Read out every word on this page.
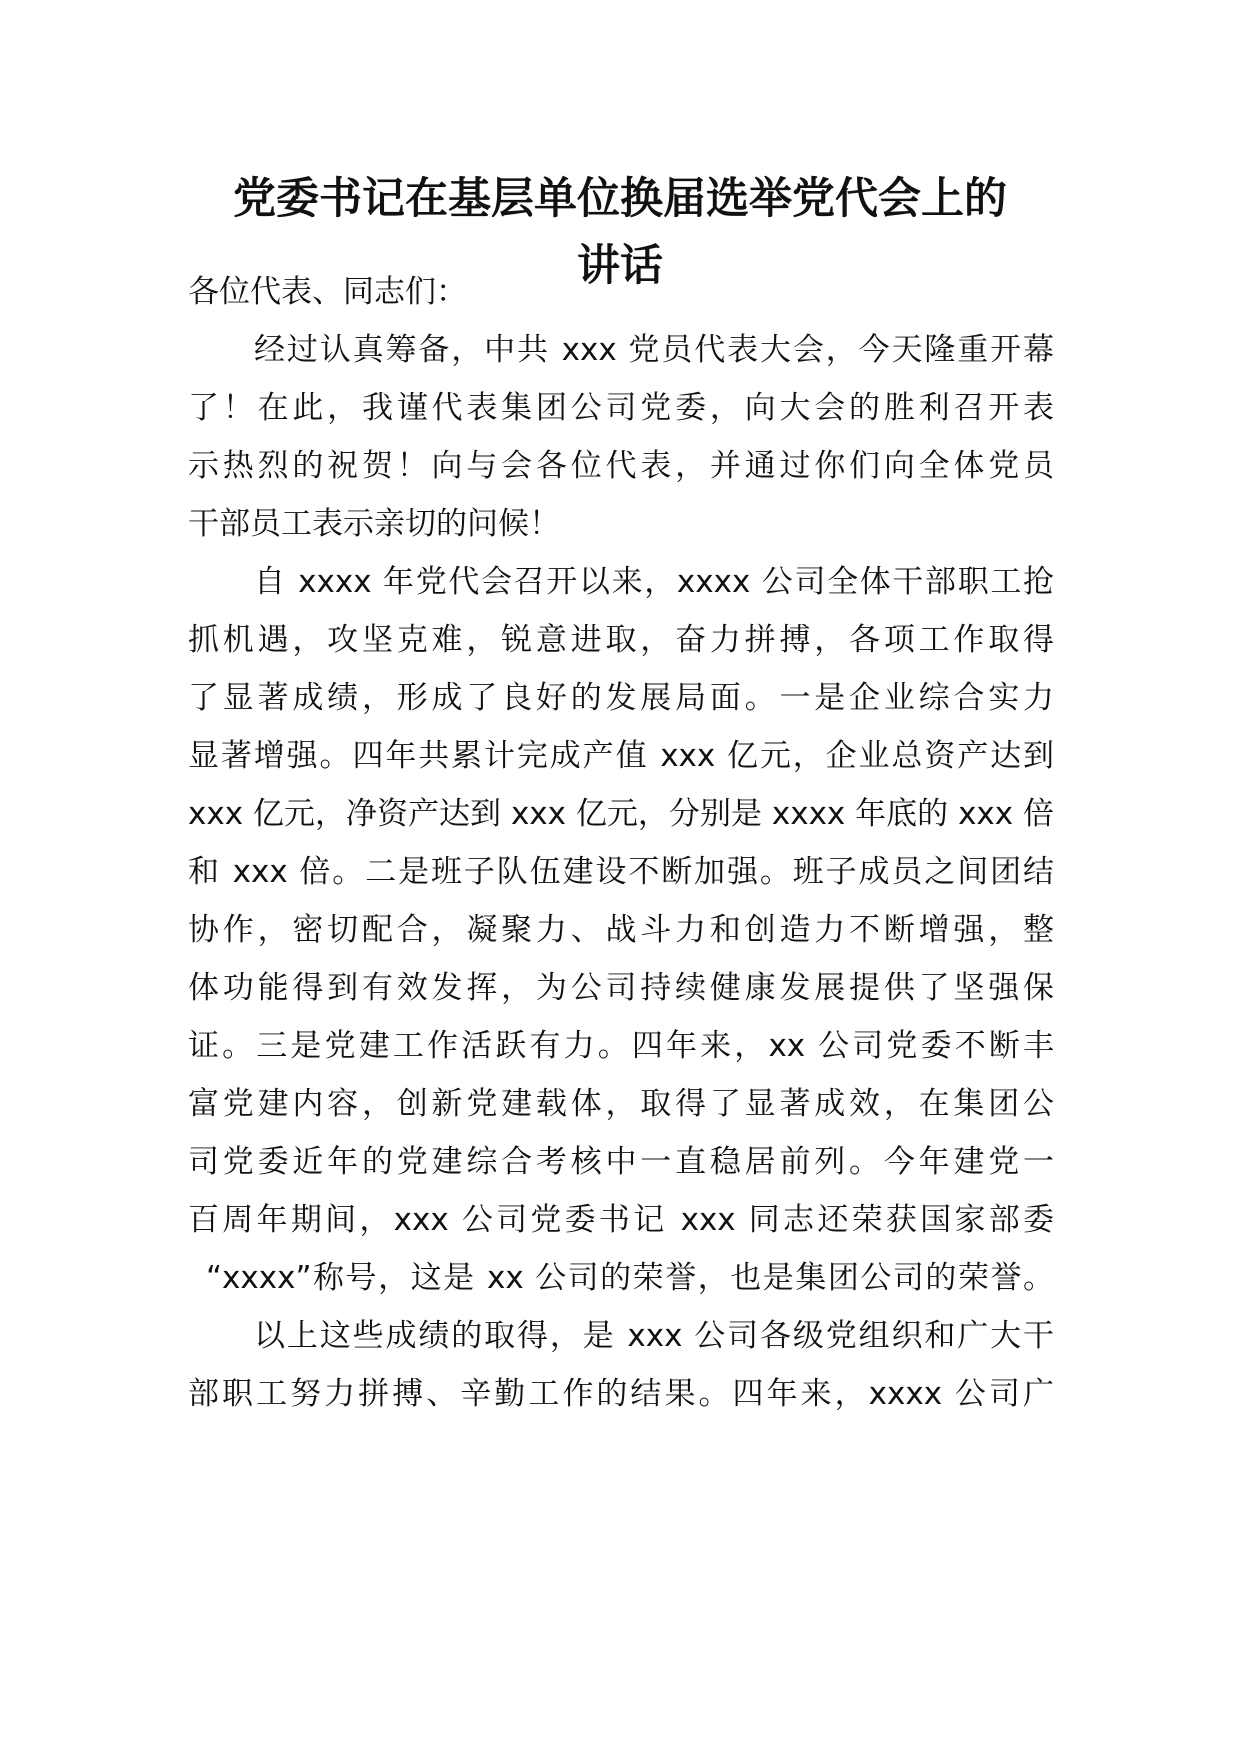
党委书记在基层单位换届选举党代会上的
讲话
各位代表、同志们：
经过认真筹备，中共 xxx 党员代表大会，今天隆重开幕
了！在此，我谨代表集团公司党委，向大会的胜利召开表
示热烈的祝贺！向与会各位代表，并通过你们向全体党员
干部员工表示亲切的问候！
自 xxxx 年党代会召开以来，xxxx 公司全体干部职工抢
抓机遇，攻坚克难，锐意进取，奋力拼搏，各项工作取得
了显著成绩，形成了良好的发展局面。一是企业综合实力
显著增强。四年共累计完成产值 xxx 亿元，企业总资产达到
xxx 亿元，净资产达到 xxx 亿元，分别是 xxxx 年底的 xxx 倍
和 xxx 倍。二是班子队伍建设不断加强。班子成员之间团结
协作，密切配合，凝聚力、战斗力和创造力不断增强，整
体功能得到有效发挥，为公司持续健康发展提供了坚强保
证。三是党建工作活跃有力。四年来，xx 公司党委不断丰
富党建内容，创新党建载体，取得了显著成效，在集团公
司党委近年的党建综合考核中一直稳居前列。今年建党一
百周年期间，xxx 公司党委书记 xxx 同志还荣获国家部委
“xxxx”称号，这是 xx 公司的荣誉，也是集团公司的荣誉。
以上这些成绩的取得，是 xxx 公司各级党组织和广大干
部职工努力拼搏、辛勤工作的结果。四年来，xxxx 公司广
